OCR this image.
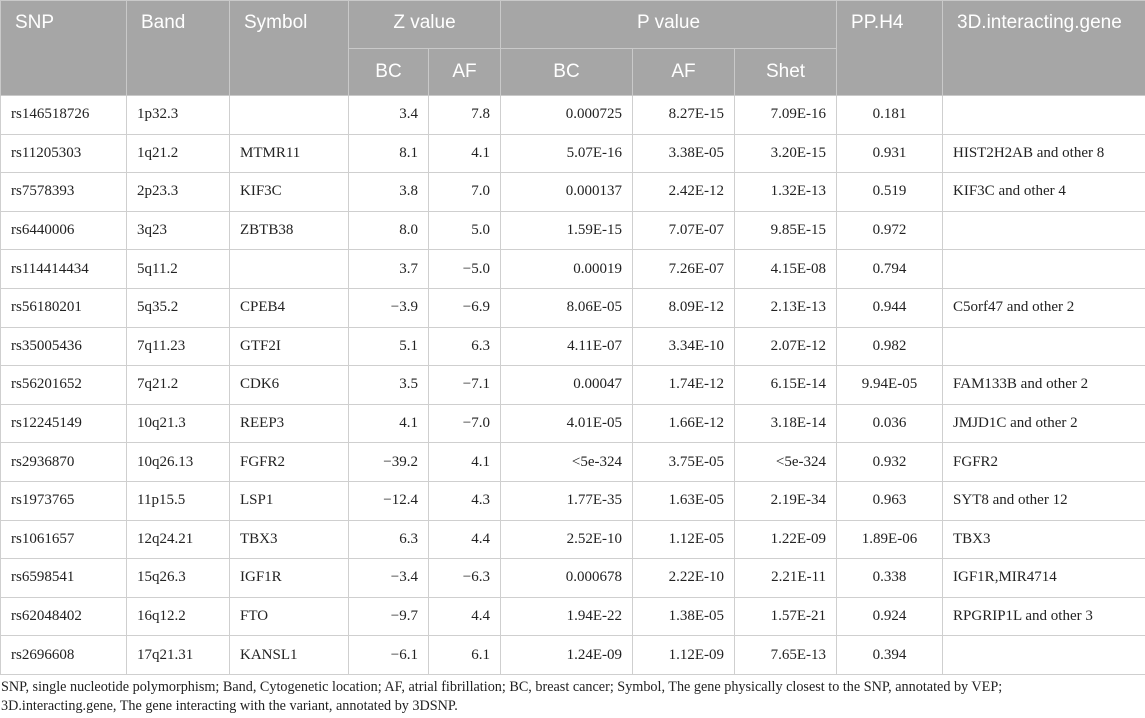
SNP	Band	Symbol	Z value		P value			PP.H4	3D.interacting.gene
			BC	AF	BC	AF	Shet		
rs146518726	1p32.3		3.4	7.8	0.000725	8.27E-15	7.09E-16	0.181	
rs11205303	1q21.2	MTMR11	8.1	4.1	5.07E-16	3.38E-05	3.20E-15	0.931	HIST2H2AB and other 8
rs7578393	2p23.3	KIF3C	3.8	7.0	0.000137	2.42E-12	1.32E-13	0.519	KIF3C and other 4
rs6440006	3q23	ZBTB38	8.0	5.0	1.59E-15	7.07E-07	9.85E-15	0.972	
rs114414434	5q11.2		3.7	−5.0	0.00019	7.26E-07	4.15E-08	0.794	
rs56180201	5q35.2	CPEB4	−3.9	−6.9	8.06E-05	8.09E-12	2.13E-13	0.944	C5orf47 and other 2
rs35005436	7q11.23	GTF2I	5.1	6.3	4.11E-07	3.34E-10	2.07E-12	0.982	
rs56201652	7q21.2	CDK6	3.5	−7.1	0.00047	1.74E-12	6.15E-14	9.94E-05	FAM133B and other 2
rs12245149	10q21.3	REEP3	4.1	−7.0	4.01E-05	1.66E-12	3.18E-14	0.036	JMJD1C and other 2
rs2936870	10q26.13	FGFR2	−39.2	4.1	<5e-324	3.75E-05	<5e-324	0.932	FGFR2
rs1973765	11p15.5	LSP1	−12.4	4.3	1.77E-35	1.63E-05	2.19E-34	0.963	SYT8 and other 12
rs1061657	12q24.21	TBX3	6.3	4.4	2.52E-10	1.12E-05	1.22E-09	1.89E-06	TBX3
rs6598541	15q26.3	IGF1R	−3.4	−6.3	0.000678	2.22E-10	2.21E-11	0.338	IGF1R,MIR4714
rs62048402	16q12.2	FTO	−9.7	4.4	1.94E-22	1.38E-05	1.57E-21	0.924	RPGRIP1L and other 3
rs2696608	17q21.31	KANSL1	−6.1	6.1	1.24E-09	1.12E-09	7.65E-13	0.394	
SNP, single nucleotide polymorphism; Band, Cytogenetic location; AF, atrial fibrillation; BC, breast cancer; Symbol, The gene physically closest to the SNP, annotated by VEP;
3D.interacting.gene, The gene interacting with the variant, annotated by 3DSNP.
